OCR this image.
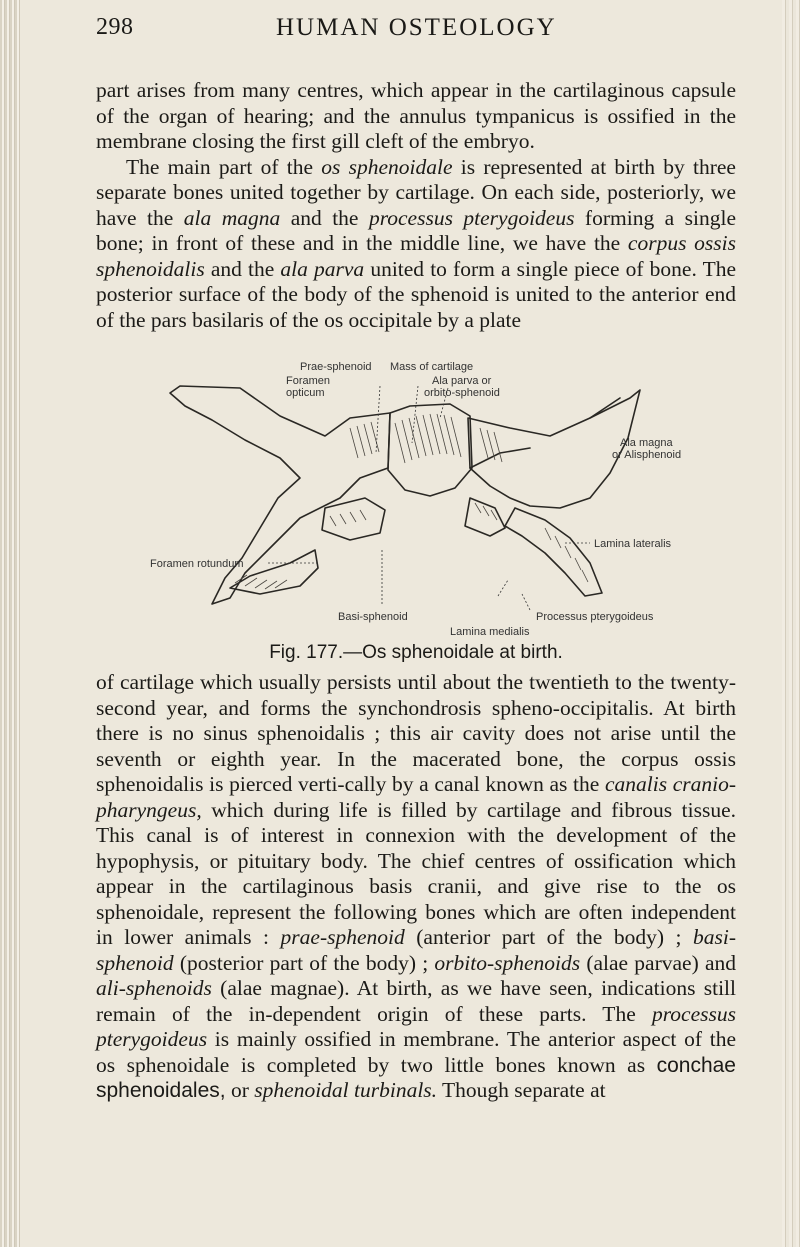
298	HUMAN OSTEOLOGY

part arises from many centres, which appear in the cartilaginous capsule of the organ of hearing; and the annulus tympanicus is ossified in the membrane closing the first gill cleft of the embryo.

The main part of the os sphenoidale is represented at birth by three separate bones united together by cartilage. On each side, posteriorly, we have the ala magna and the processus pterygoideus forming a single bone; in front of these and in the middle line, we have the corpus ossis sphenoidalis and the ala parva united to form a single piece of bone. The posterior surface of the body of the sphenoid is united to the anterior end of the pars basilaris of the os occipitale by a plate

Prae-sphenoid Mass of cartilage
Foramen
opticum
Ala parva or
orbito-sphenoid
Ala magna
or Alisphenoid
Foramen rotundum
Lamina lateralis
Basi-sphenoid	Processus pterygoideus
Lamina medialis
Fig. 177.—Os sphenoidale at birth.

of cartilage which usually persists until about the twentieth to the twenty-second year, and forms the synchondrosis spheno-occipitalis. At birth there is no sinus sphenoidalis ; this air cavity does not arise until the seventh or eighth year. In the macerated bone, the corpus ossis sphenoidalis is pierced verti-cally by a canal known as the canalis cranio-pharyngeus, which during life is filled by cartilage and fibrous tissue. This canal is of interest in connexion with the development of the hypophysis, or pituitary body. The chief centres of ossification which appear in the cartilaginous basis cranii, and give rise to the os sphenoidale, represent the following bones which are often independent in lower animals : prae-sphenoid (anterior part of the body) ; basi-sphenoid (posterior part of the body) ; orbito-sphenoids (alae parvae) and ali-sphenoids (alae magnae). At birth, as we have seen, indications still remain of the in-dependent origin of these parts. The processus pterygoideus is mainly ossified in membrane. The anterior aspect of the os sphenoidale is completed by two little bones known as conchae sphenoidales, or sphenoidal turbinals. Though separate at
